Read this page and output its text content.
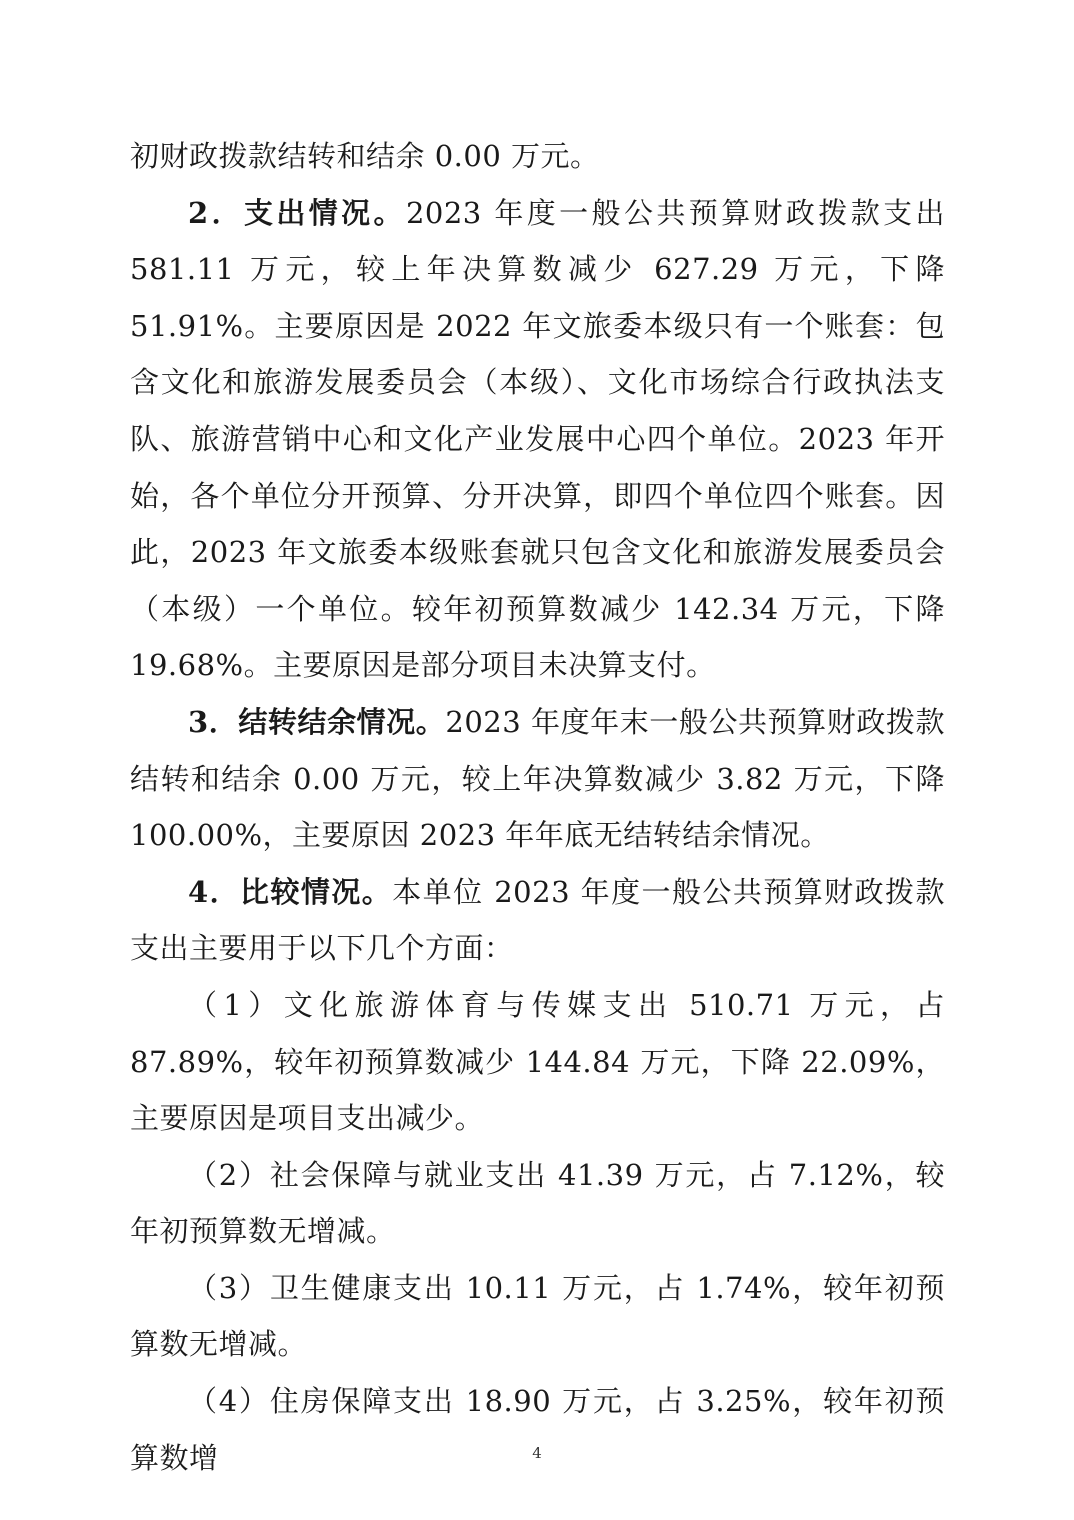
初财政拨款结转和结余 0.00 万元。

2．支出情况。2023 年度一般公共预算财政拨款支出 581.11 万元，较上年决算数减少 627.29 万元，下降 51.91%。主要原因是 2022 年文旅委本级只有一个账套：包含文化和旅游发展委员会（本级）、文化市场综合行政执法支队、旅游营销中心和文化产业发展中心四个单位。2023 年开始，各个单位分开预算、分开决算，即四个单位四个账套。因此，2023 年文旅委本级账套就只包含文化和旅游发展委员会（本级）一个单位。较年初预算数减少 142.34 万元，下降 19.68%。主要原因是部分项目未决算支付。

3．结转结余情况。2023 年度年末一般公共预算财政拨款结转和结余 0.00 万元，较上年决算数减少 3.82 万元，下降 100.00%，主要原因 2023 年年底无结转结余情况。

4．比较情况。本单位 2023 年度一般公共预算财政拨款支出主要用于以下几个方面：

（1）文化旅游体育与传媒支出 510.71 万元，占 87.89%，较年初预算数减少 144.84 万元，下降 22.09%，主要原因是项目支出减少。

（2）社会保障与就业支出 41.39 万元，占 7.12%，较年初预算数无增减。

（3）卫生健康支出 10.11 万元，占 1.74%，较年初预算数无增减。

（4）住房保障支出 18.90 万元，占 3.25%，较年初预算数增	4
